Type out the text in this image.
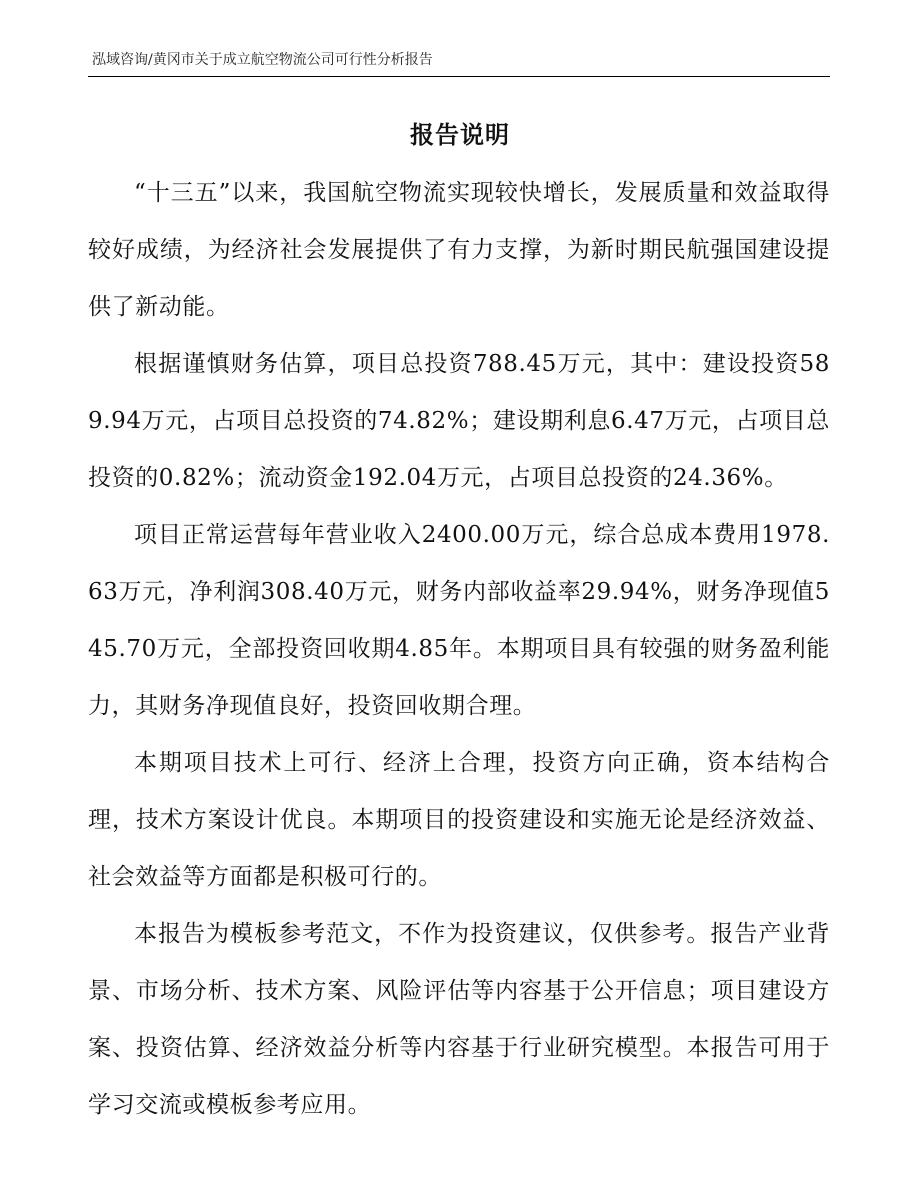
泓域咨询/黄冈市关于成立航空物流公司可行性分析报告
报告说明

“十三五”以来，我国航空物流实现较快增长，发展质量和效益取得较好成绩，为经济社会发展提供了有力支撑，为新时期民航强国建设提供了新动能。

根据谨慎财务估算，项目总投资788.45万元，其中：建设投资589.94万元，占项目总投资的74.82%；建设期利息6.47万元，占项目总投资的0.82%；流动资金192.04万元，占项目总投资的24.36%。

项目正常运营每年营业收入2400.00万元，综合总成本费用1978.63万元，净利润308.40万元，财务内部收益率29.94%，财务净现值545.70万元，全部投资回收期4.85年。本期项目具有较强的财务盈利能力，其财务净现值良好，投资回收期合理。

本期项目技术上可行、经济上合理，投资方向正确，资本结构合理，技术方案设计优良。本期项目的投资建设和实施无论是经济效益、社会效益等方面都是积极可行的。

本报告为模板参考范文，不作为投资建议，仅供参考。报告产业背景、市场分析、技术方案、风险评估等内容基于公开信息；项目建设方案、投资估算、经济效益分析等内容基于行业研究模型。本报告可用于学习交流或模板参考应用。
